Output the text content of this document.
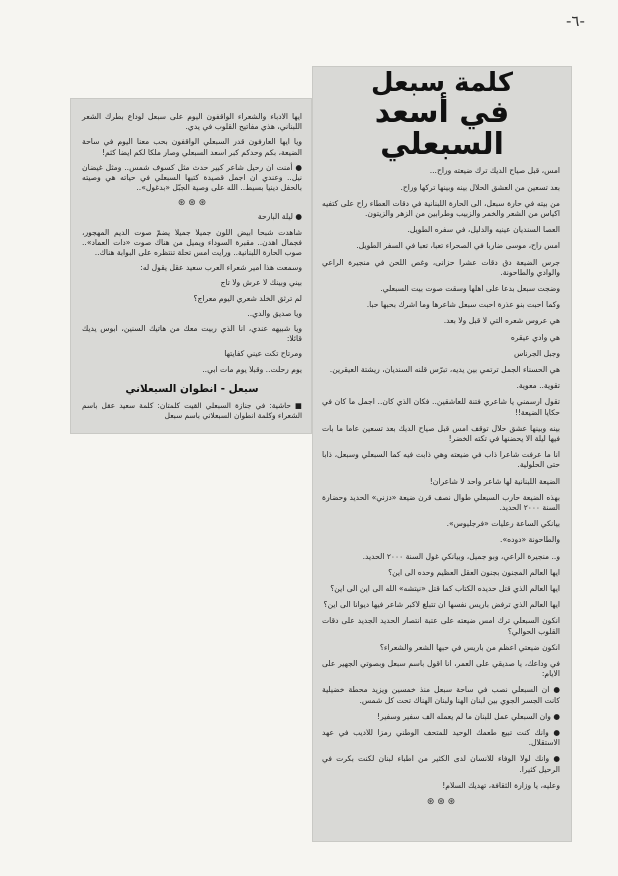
-٦-
كلمة سبعل
في أسعد السبعلي

امس، قبل صياح الديك ترك ضيعته وراح...

بعد تسعين من العشق الحلال بينه وبينها تركها وراح.

من بيته في حارة سبعل، الى الحارة اللبنانية في دقات العطاء راح على كتفيه اكياس من الشعر والخمر والزبيب وطرابين من الزهر والزيتون.

العصا السنديان عينيه والدليل، في سفره الطويل.

امس راح، موسى ضاربا في الصحراء تعبا، تعبا في السفر الطويل.

جرس الضيعة دق دقات عشرا حزانى، وغص اللحن في منجيرة الراعي والوادي والطاحونة.

وضجت سبعل بدعا على اهلها وسقت صوت بيت السبعلي.

وكما احبت بنو عذرة احبت سبعل شاعرها وما اشرك بحبها حبا.

هي عروس شعره التي لا قبل ولا بعد.

هي وادي عيقره

وجبل الجرناس

هي الحسناء الجمل ترتمي بين يديه، تبرّس قلنه السنديان، ريشتة العيقرين.

تقوية.. معوية.

تقول ارسمني يا شاعري فتنة للعاشقين.. فكان الذي كان.. اجمل ما كان في حكايا الضيعة!!

بينه وبينها عشق حلال توقف امس قبل صياح الديك بعد تسعين عاما ما بات فيها ليلة الا يحضنها في تكته الخضر!

انا ما عرفت شاعرا ذاب في ضيعته وهي ذابت فيه كما السبعلي وسبعل، ذابا حتى الحلولية.

الضيعة اللبنانية لها شاعر واحد لا شاعران!

بهذه الضيعة حارب السبعلي طوال نصف قرن ضيعة «دزني» الحديد وحضارة السنة ٢٠٠٠ الحديد.

بيانكي الساعة رعليات «فرجليوس».

والطاحونة «دوده».

و.. منجيرة الراعي، وبو جميل، وبيانكي غول السنة ٢٠٠٠ الحديد.

ايها العالم المجنون بجنون العقل العظيم وحده الى اين؟

ايها العالم الذي قتل حديده الكتاب كما قتل «نيتشه» الله الى اين الى اين؟

ايها العالم الذي ترفض باريس نفسها ان تتبلغ لاكبر شاعر فيها ديوانا الى اين؟

انكون السبعلي ترك امس ضيعته على عتبة انتصار الحديد الجديد على دقات القلوب الحوالي؟

انكون ضيعتي اعظم من باريس في حبها الشعر والشعراء؟

في وداعك، يا صديقي على العمر، انا اقول باسم سبعل وبصوتي الجهير على الايام:

● ان السبعلي نصب في ساحة سبعل منذ خمسين ويزيد محطة خضيلية كانت الجسر الجوي بين لبنان الهنا ولبنان الهناك تحت كل شمس.

● وان السبعلي عمل للبنان ما لم يعمله الف سفير وسفير!

● وانك كنت تبيع طعمك الوحيد للمتحف الوطني رمزا للاديب في عهد الاستقلال.

● وانك لولا الوفاء للانسان لدى الكثير من اطباء لبنان لكنت بكرت في الرحيل كثيرا.

وعليه، يا وزارة الثقافة، تهديك السلام!

⊛ ⊛ ⊛

ايها الادباء والشعراء الواقفون اليوم على سبعل لوداع بطرك الشعر اللبناني، هذي مفاتيح القلوب في يدي.

ويا ايها العارفون قدر السبعلي الواقفون بحب معنا اليوم في ساحة الضيعة، بكم وحدكم كبر اسعد السبعلي وصار ملكا لكم ايضا كثم!

● أمنت ان رحيل شاعر كبير حدث مثل كسوف شمس.. ومثل غيضان نيل.. وعندي ان اجمل قصيدة كتبها السبعلي في حياته هي وصيته بالحفل دينيا بسيط.. الله على وصية الجبّل «بدغول»..

⊛ ⊛ ⊛

● ليلة البارحة

شاهدت شبحا ابيض اللون جميلا جميلا يضمّ صوت الديم المهجور، فجمال اهدن.. مقبرة السوداء ويميل من هناك صوت «دات العماد».. صوب الحارة اللبنانية.. ورايت امس تحلة تنتظره على البوابة هناك..

وسمعت هذا امير شعراء العرب سعيد عقل يقول له:

بيني وبينك لا عرش ولا تاج

لم ترثق الخلد شعري اليوم معراج؟

ويا صديق والدي..

ويا شبيهه عندي، انا الذي ربيت معك من هاتيك السنين، ابوس يديك قائلا:

ومرتاح تكت عيني كفايتها

يوم رحلت.. وقبلا يوم مات ابي..

سبعل - انطوان السبعلاني

■ حاشية: في جنازة السبعلي القيت كلمتان: كلمة سعيد عقل باسم الشعراء وكلمة انطوان السبعلاني باسم سبعل
